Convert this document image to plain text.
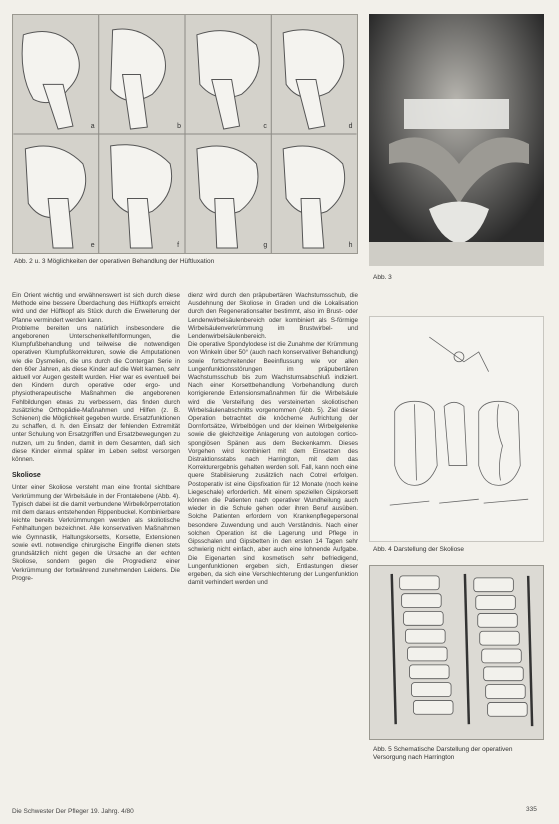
a	b	c	d
e	f	g	h
Abb. 2 u. 3 Möglichkeiten der operativen Behandlung der Hüftluxation
Abb. 3
Abb. 4 Darstellung der Skoliose
Abb. 5 Schematische Darstellung der operativen Versorgung nach Harrington

Ein Orient wichtig und erwähnenswert ist sich durch diese Methode eine bessere Überdachung des Hüftkopfs erreicht wird und der Hüftkopf als Stück durch die Erweiterung der Pfanne vermindert werden kann.

Probleme bereiten uns natürlich insbesondere die angeborenen Unterschenkelfehlformungen, die Klumpfußbehandlung und teilweise die notwendigen operativen Klumpfußkorrekturen, sowie die Amputationen wie die Dysmelien, die uns durch die Contergan Serie in den 60er Jahren, als diese Kinder auf die Welt kamen, sehr aktuell vor Augen gestellt wurden. Hier war es eventuell bei den Kindern durch operative oder ergo- und physiotherapeutische Maßnahmen die angeborenen Fehlbildungen etwas zu verbessern, das finden durch zusätzliche Orthopädie-Maßnahmen und Hilfen (z. B. Schienen) die Möglichkeit gegeben wurde. Ersatzfunktionen zu schaffen, d. h. den Einsatz der fehlenden Extremität unter Schulung von Ersatzgriffen und Ersatzbewegungen zu nutzen, um zu finden, damit in dem Gesamten, daß sich diese Kinder einmal später im Leben selbst versorgen können.

Skoliose

Unter einer Skoliose versteht man eine frontal sichtbare Verkrümmung der Wirbelsäule in der Frontalebene (Abb. 4). Typisch dabei ist die damit verbundene Wirbelkörperrotation mit dem daraus entstehenden Rippenbuckel. Kombinierbare leichte bereits Verkrümmungen werden als skoliotische Fehlhaltungen bezeichnet. Alle konservativen Maßnahmen wie Gymnastik, Haltungskorsetts, Korsette, Extensionen sowie evtl. notwendige chirurgische Eingriffe dienen stets grundsätzlich nicht gegen die Ursache an der echten Skoliose, sondern gegen die Progredienz einer Verkrümmung der fortwährend zunehmenden Leidens. Die Progre-

dienz wird durch den präpubertären Wachstumsschub, die Ausdehnung der Skoliose in Graden und die Lokalisation durch den Regenerationsalter bestimmt, also im Brust- oder Lendenwirbelsäulenbereich oder kombiniert als S-förmige Wirbelsäulenverkrümmung im Brustwirbel- und Lendenwirbelsäulenbereich.

Die operative Spondylodese ist die Zunahme der Krümmung von Winkeln über 50° (auch nach konservativer Behandlung) sowie fortschreitender Beeinflussung wie vor allen Lungenfunktionsstörungen im präpubertären Wachstumsschub bis zum Wachstumsabschluß indiziert. Nach einer Korsettbehandlung Vorbehandlung durch korrigierende Extensionsmaßnahmen für die Wirbelsäule wird die Versteifung des versteinerten skoliotischen Wirbelsäulenabschnitts vorgenommen (Abb. 5). Ziel dieser Operation betrachtet die knöcherne Aufrichtung der Dornfortsätze, Wirbelbögen und der kleinen Wirbelgelenke sowie die gleichzeitige Anlagerung von autologen cortico-spongiösen Spänen aus dem Beckenkamm. Dieses Vorgehen wird kombiniert mit dem Einsetzen des Distraktionsstabs nach Harrington, mit dem das Korrekturergebnis gehalten werden soll. Fall, kann noch eine quere Stabilisierung zusätzlich nach Cotrel erfolgen. Postoperativ ist eine Gipsfixation für 12 Monate (noch keine Liegeschale) erforderlich. Mit einem speziellen Gipskorsett können die Patienten nach operativer Wundheilung auch wieder in die Schule gehen oder ihren Beruf ausüben. Solche Patienten erfordern von Krankenpflegepersonal besondere Zuwendung und auch Verständnis. Nach einer solchen Operation ist die Lagerung und Pflege in Gipsschalen und Gipsbetten in den ersten 14 Tagen sehr schwierig nicht einfach, aber auch eine lohnende Aufgabe. Die Eigenarten sind kosmetisch sehr befriedigend, Lungenfunktionen ergeben sich, Entlastungen dieser ergeben, da sich eine Verschlechterung der Lungenfunktion damit verhindert werden und

Die Schwester Der Pfleger 19. Jahrg. 4/80	335
